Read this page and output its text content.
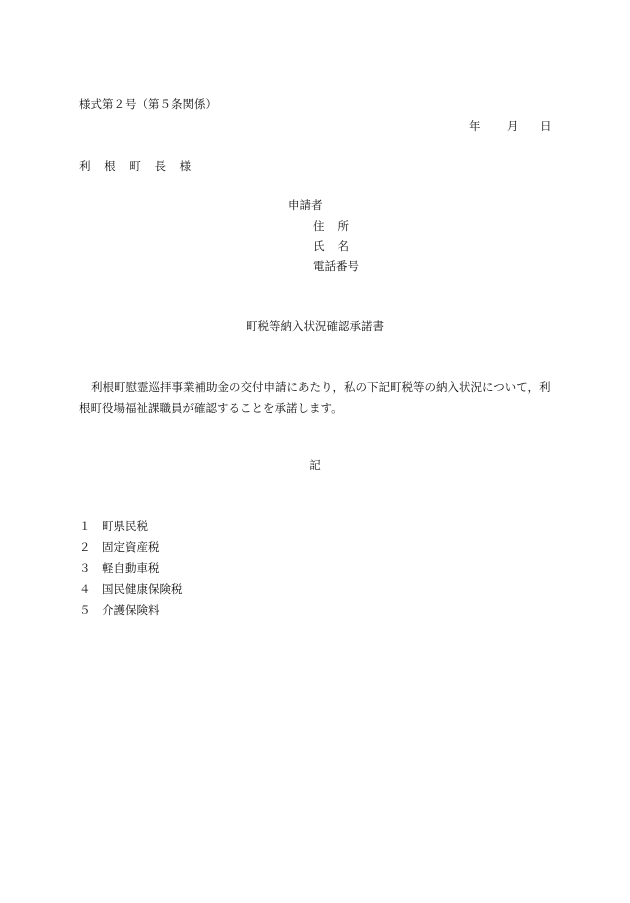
様式第２号（第５条関係）
年 月 日
利 根 町 長 様
申請者
住 所
氏 名
電話番号
町税等納入状況確認承諾書
利根町慰霊巡拝事業補助金の交付申請にあたり，私の下記町税等の納入状況について，利根町役場福祉課職員が確認することを承諾します。
記
１ 町県民税
２ 固定資産税
３ 軽自動車税
４ 国民健康保険税
５ 介護保険料
